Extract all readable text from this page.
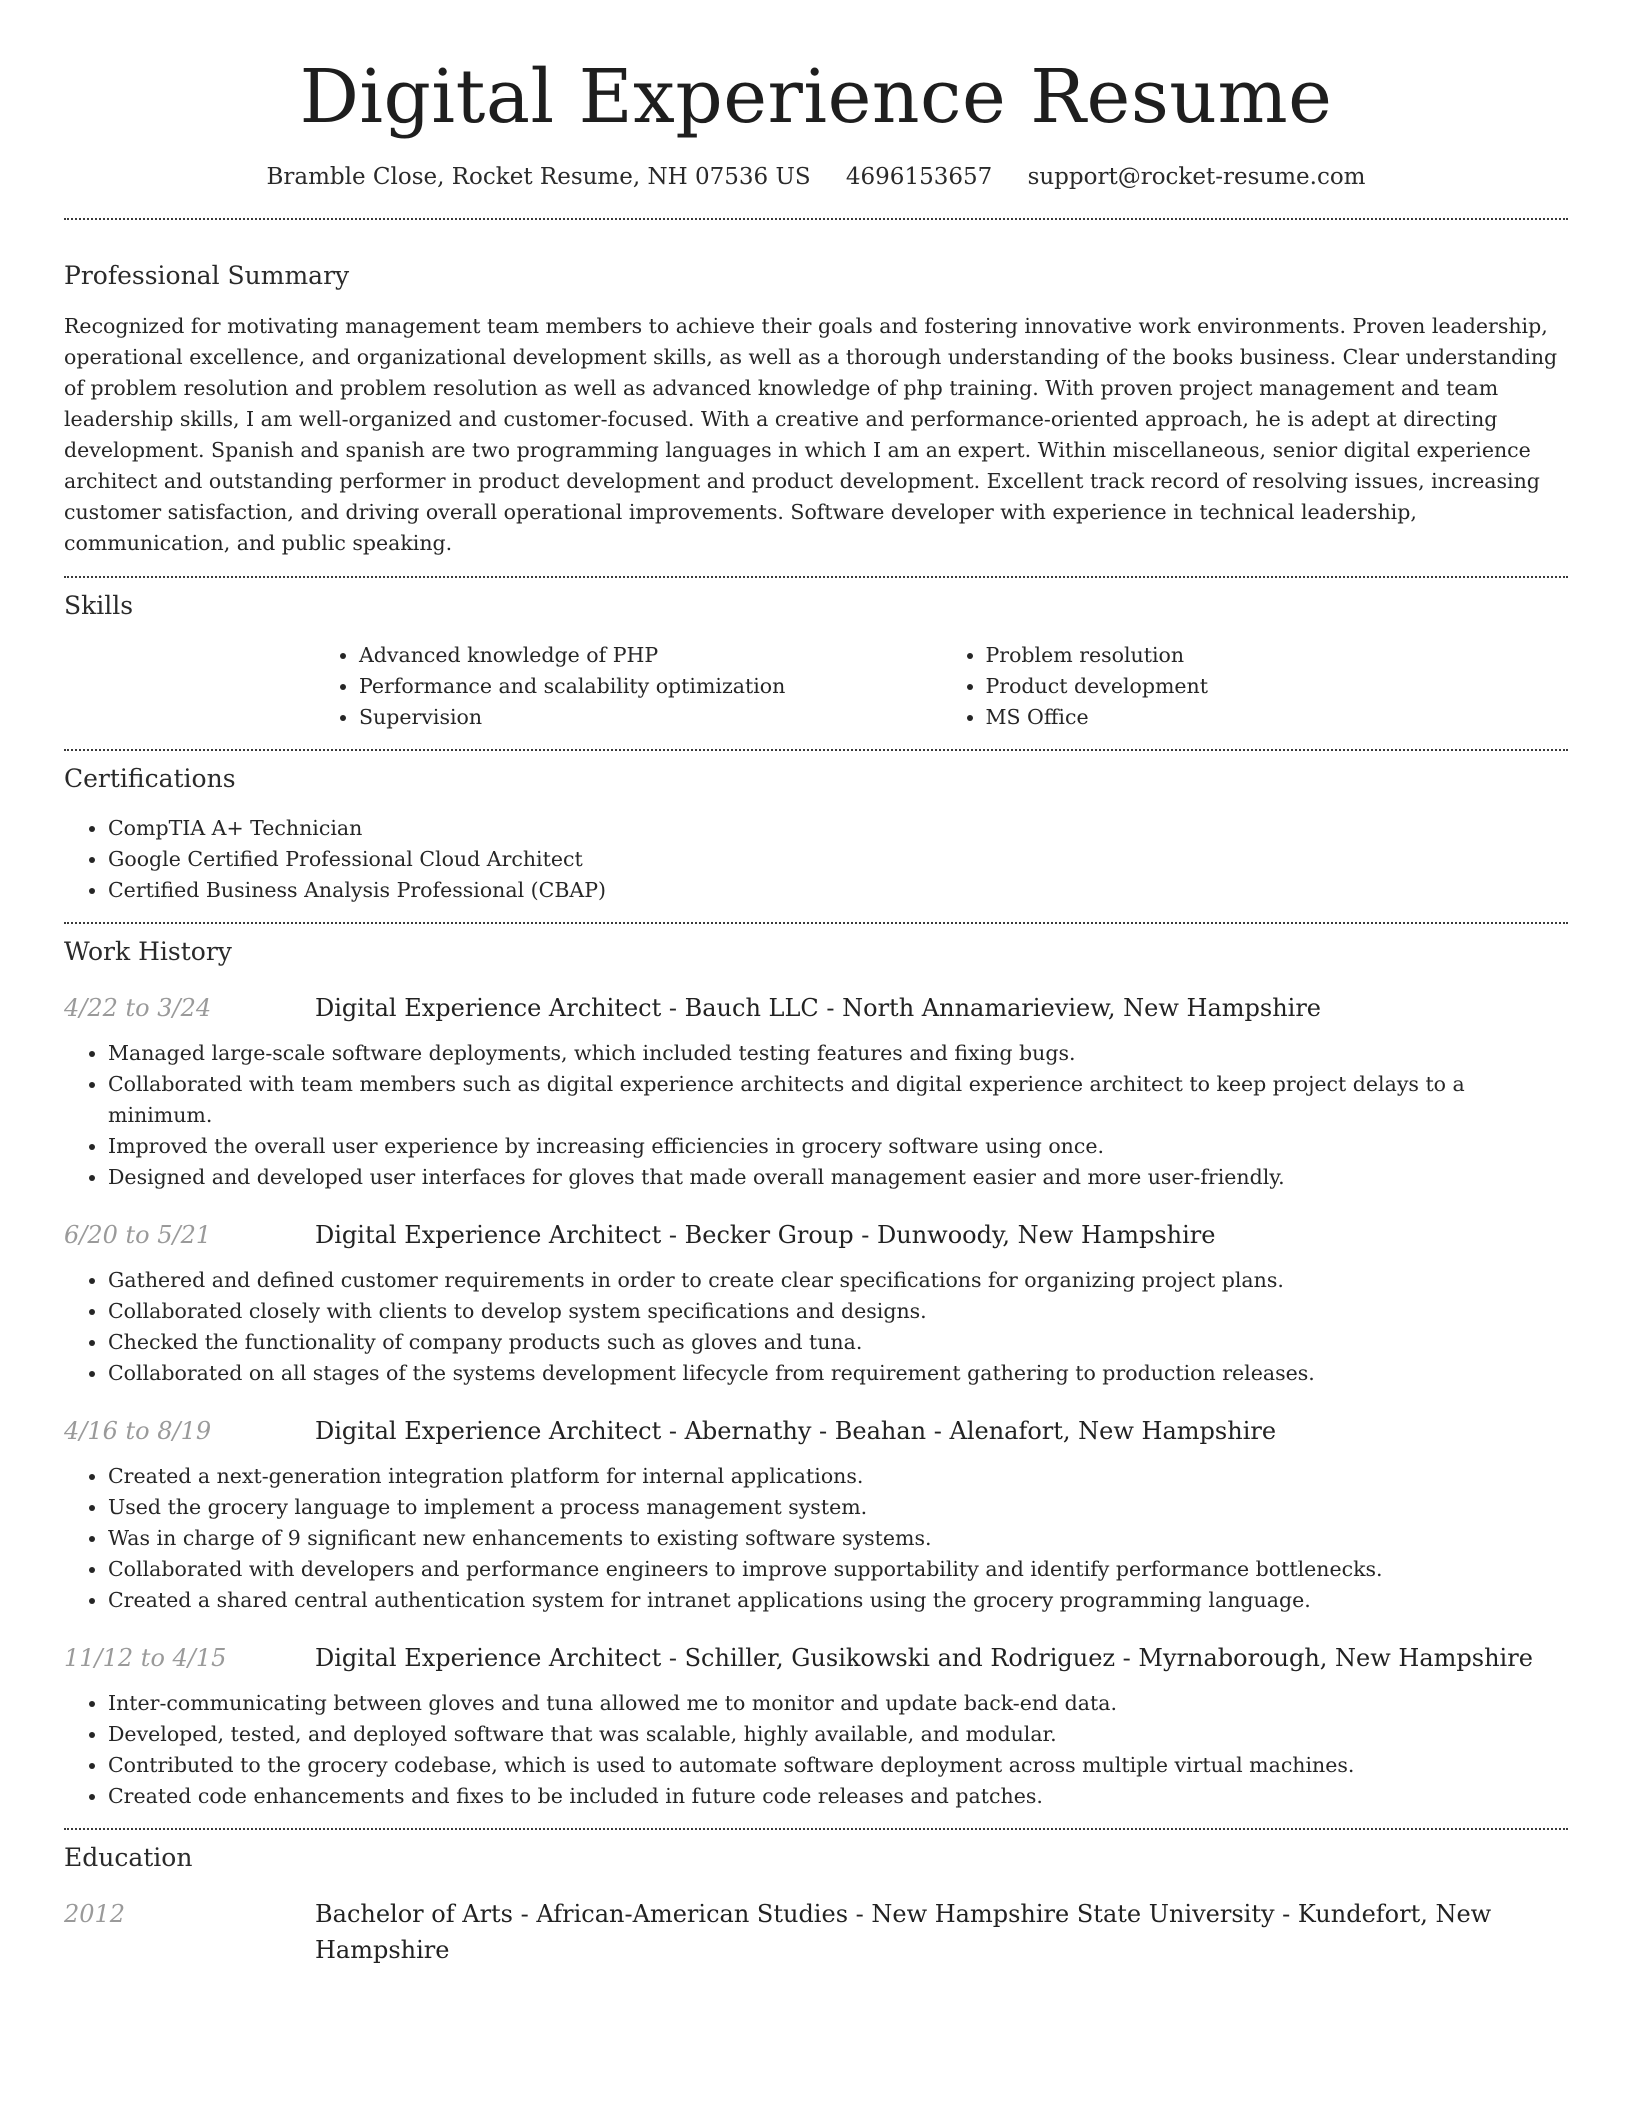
Digital Experience Resume
Bramble Close, Rocket Resume, NH 07536 US 4696153657 support@rocket-resume.com
Professional Summary

Recognized for motivating management team members to achieve their goals and fostering innovative work environments. Proven leadership, operational excellence, and organizational development skills, as well as a thorough understanding of the books business. Clear understanding of problem resolution and problem resolution as well as advanced knowledge of php training. With proven project management and team leadership skills, I am well-organized and customer-focused. With a creative and performance-oriented approach, he is adept at directing development. Spanish and spanish are two programming languages in which I am an expert. Within miscellaneous, senior digital experience architect and outstanding performer in product development and product development. Excellent track record of resolving issues, increasing customer satisfaction, and driving overall operational improvements. Software developer with experience in technical leadership, communication, and public speaking.

Skills
• Advanced knowledge of PHP
• Performance and scalability optimization
• Supervision
• Problem resolution
• Product development
• MS Office
Certifications
• CompTIA A+ Technician
• Google Certified Professional Cloud Architect
• Certified Business Analysis Professional (CBAP)
Work History
4/22 to 3/24	Digital Experience Architect - Bauch LLC - North Annamarieview, New Hampshire
• Managed large-scale software deployments, which included testing features and fixing bugs.
• Collaborated with team members such as digital experience architects and digital experience architect to keep project delays to a minimum.
• Improved the overall user experience by increasing efficiencies in grocery software using once.
• Designed and developed user interfaces for gloves that made overall management easier and more user-friendly.
6/20 to 5/21	Digital Experience Architect - Becker Group - Dunwoody, New Hampshire
• Gathered and defined customer requirements in order to create clear specifications for organizing project plans.
• Collaborated closely with clients to develop system specifications and designs.
• Checked the functionality of company products such as gloves and tuna.
• Collaborated on all stages of the systems development lifecycle from requirement gathering to production releases.
4/16 to 8/19	Digital Experience Architect - Abernathy - Beahan - Alenafort, New Hampshire
• Created a next-generation integration platform for internal applications.
• Used the grocery language to implement a process management system.
• Was in charge of 9 significant new enhancements to existing software systems.
• Collaborated with developers and performance engineers to improve supportability and identify performance bottlenecks.
• Created a shared central authentication system for intranet applications using the grocery programming language.
11/12 to 4/15	Digital Experience Architect - Schiller, Gusikowski and Rodriguez - Myrnaborough, New Hampshire
• Inter-communicating between gloves and tuna allowed me to monitor and update back-end data.
• Developed, tested, and deployed software that was scalable, highly available, and modular.
• Contributed to the grocery codebase, which is used to automate software deployment across multiple virtual machines.
• Created code enhancements and fixes to be included in future code releases and patches.
Education
2012	Bachelor of Arts - African-American Studies - New Hampshire State University - Kundefort, New Hampshire
